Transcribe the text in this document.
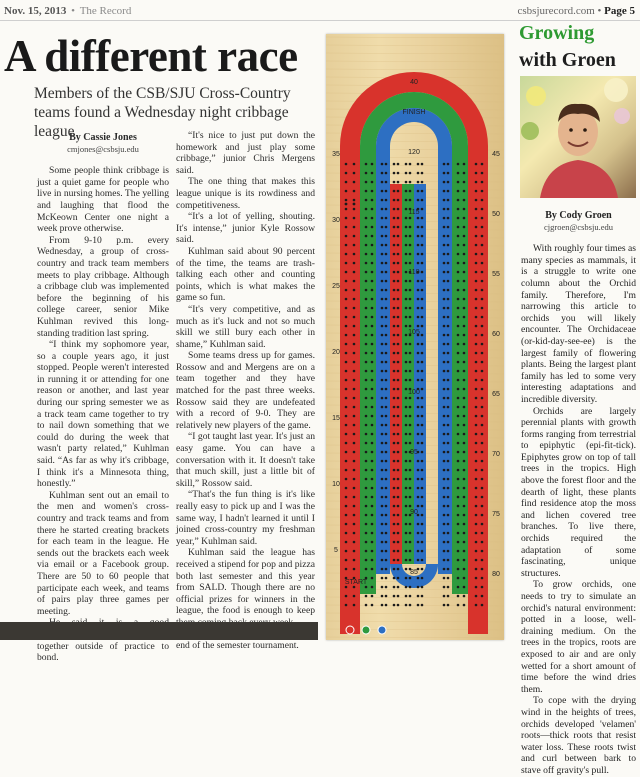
Nov. 15, 2013 • The Record	csbsjurecord.com • Page 5
A different race

Members of the CSB/SJU Cross-Country teams found a Wednesday night cribbage league

By Cassie Jones
cmjones@csbsju.edu

Some people think cribbage is just a quiet game for people who live in nursing homes. The yelling and laughing that flood the McKeown Center one night a week prove otherwise.

From 9-10 p.m. every Wednesday, a group of cross-country and track team members meets to play cribbage. Although a cribbage club was implemented before the beginning of his college career, senior Mike Kuhlman revived this long-standing tradition last spring.

“I think my sophomore year, so a couple years ago, it just stopped. People weren't interested in running it or attending for one reason or another, and last year during our spring semester we as a track team came together to try to nail down something that we could do during the week that wasn't party related,” Kuhlman said. “As far as why it's cribbage, I think it's a Minnesota thing, honestly.”

Kuhlman sent out an email to the men and women's cross-country and track teams and from there he started creating brackets for each team in the league. He sends out the brackets each week via email or a Facebook group. There are 50 to 60 people that participate each week, and teams of pairs play three games per meeting.

together outside of practice to bond.

“It's nice to just put down the homework and just play some cribbage,” junior Chris Mergens said.

The one thing that makes this league unique is its rowdiness and competitiveness.

“It's a lot of yelling, shouting. It's intense,” junior Kyle Rossow said.

Kuhlman said about 90 percent of the time, the teams are trash-talking each other and counting points, which is what makes the game so fun.

“It's very competitive, and as much as it's luck and not so much skill we still bury each other in shame,” Kuhlman said.

Some teams dress up for games. Rossow and and Mergens are on a team together and they have matched for the past three weeks. Rossow said they are undefeated with a record of 9-0. They are relatively new players of the game.

“I got taught last year. It's just an easy game. You can have a conversation with it. It doesn't take that much skill, just a little bit of skill,” Rossow said.

“That's the fun thing is it's like really easy to pick up and I was the same way, I hadn't learned it until I joined cross-country my freshman year,” Kuhlman said.

Kuhlman said the league has received a stipend for pop and pizza both last semester and this year from SALD. Though there are no official prizes for winners in the league, the food is enough to keep

end of the semester tournament.

FINISH
40
START
35
30
25
20
15
10
5
120
115
110
105
100
95
90
85
45
50
55
60
65
70
75
80
Growing
with Groen
By Cody Groen
cjgroen@csbsju.edu

With roughly four times as many species as mammals, it is a struggle to write one column about the Orchid family. Therefore, I'm narrowing this article to orchids you will likely encounter. The Orchidaceae (or-kid-day-see-ee) is the largest family of flowering plants. Being the largest plant family has led to some very interesting adaptations and incredible diversity.

Orchids are largely perennial plants with growth forms ranging from terrestrial to epiphytic (epi-fit-tick). Epiphytes grow on top of tall trees in the tropics. High above the forest floor and the dearth of light, these plants find residence atop the moss and lichen covered tree branches. To live there, orchids required the adaptation of some fascinating, unique structures.

To grow orchids, one needs to try to simulate an orchid's natural environment: potted in a loose, well-draining medium. On the trees in the tropics, roots are exposed to air and are only wetted for a short amount of time before the wind dries them.

To cope with the drying wind in the heights of trees, orchids developed 'velamen' roots—thick roots that resist water loss. These roots twist and curl between bark to stave off gravity's pull.
